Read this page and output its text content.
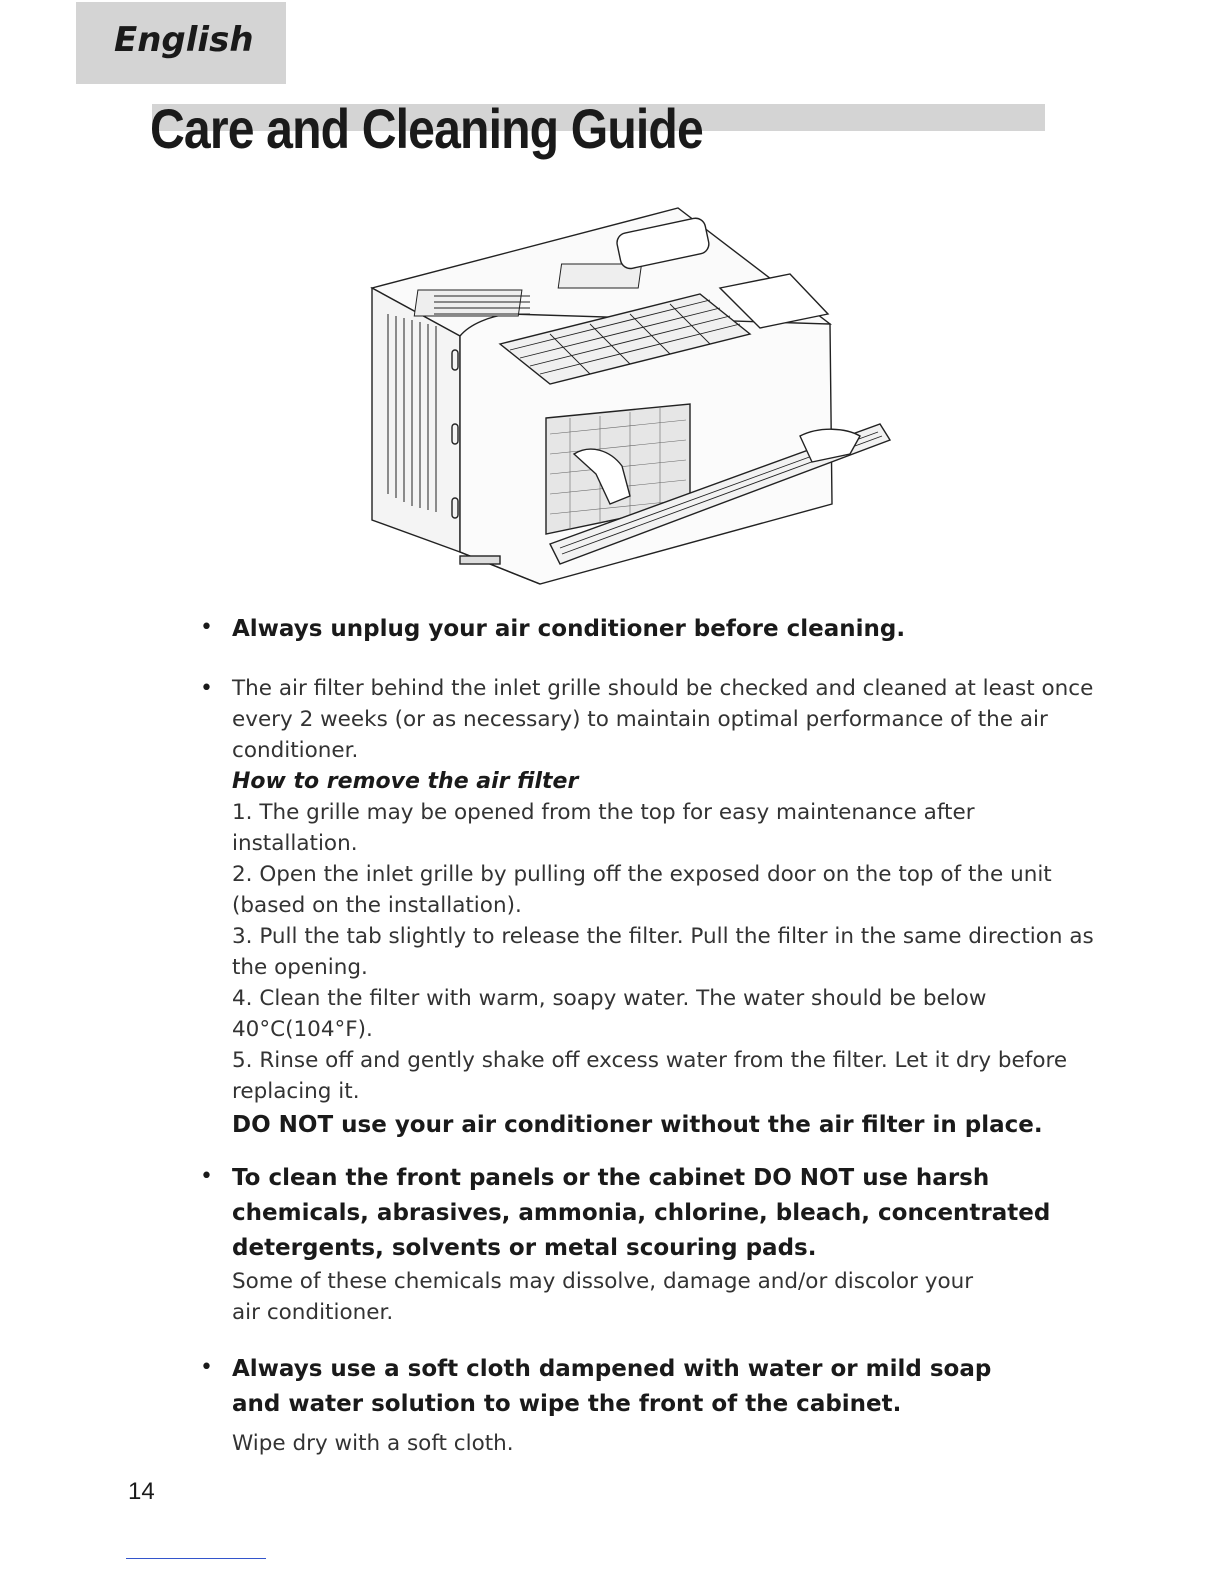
English
Care and Cleaning Guide
• Always unplug your air conditioner before cleaning.
• The air filter behind the inlet grille should be checked and cleaned at least once every 2 weeks (or as necessary) to maintain optimal performance of the air conditioner.
How to remove the air filter
1. The grille may be opened from the top for easy maintenance after installation.
2. Open the inlet grille by pulling off the exposed door on the top of the unit (based on the installation).
3. Pull the tab slightly to release the filter. Pull the filter in the same direction as the opening.
4. Clean the filter with warm, soapy water. The water should be below 40°C(104°F).
5. Rinse off and gently shake off excess water from the filter. Let it dry before replacing it.
DO NOT use your air conditioner without the air filter in place.
• To clean the front panels or the cabinet DO NOT use harsh chemicals, abrasives, ammonia, chlorine, bleach, concentrated detergents, solvents or metal scouring pads.
Some of these chemicals may dissolve, damage and/or discolor your air conditioner.
• Always use a soft cloth dampened with water or mild soap and water solution to wipe the front of the cabinet.
Wipe dry with a soft cloth.
14
